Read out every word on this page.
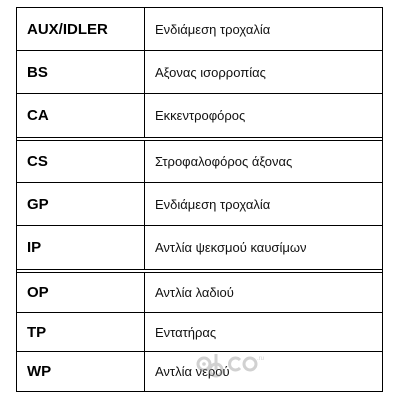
AUX/IDLER	Ενδιάμεση τροχαλία
BS	Αξονας ισορροπίας
CA	Εκκεντροφόρος
CS	Στροφαλοφόρος άξονας
GP	Ενδιάμεση τροχαλία
IP	Αντλία ψεκσμού καυσίμων
OP	Αντλία λαδιού
TP	Εντατήρας
WP	Αντλία νερού
.ru
